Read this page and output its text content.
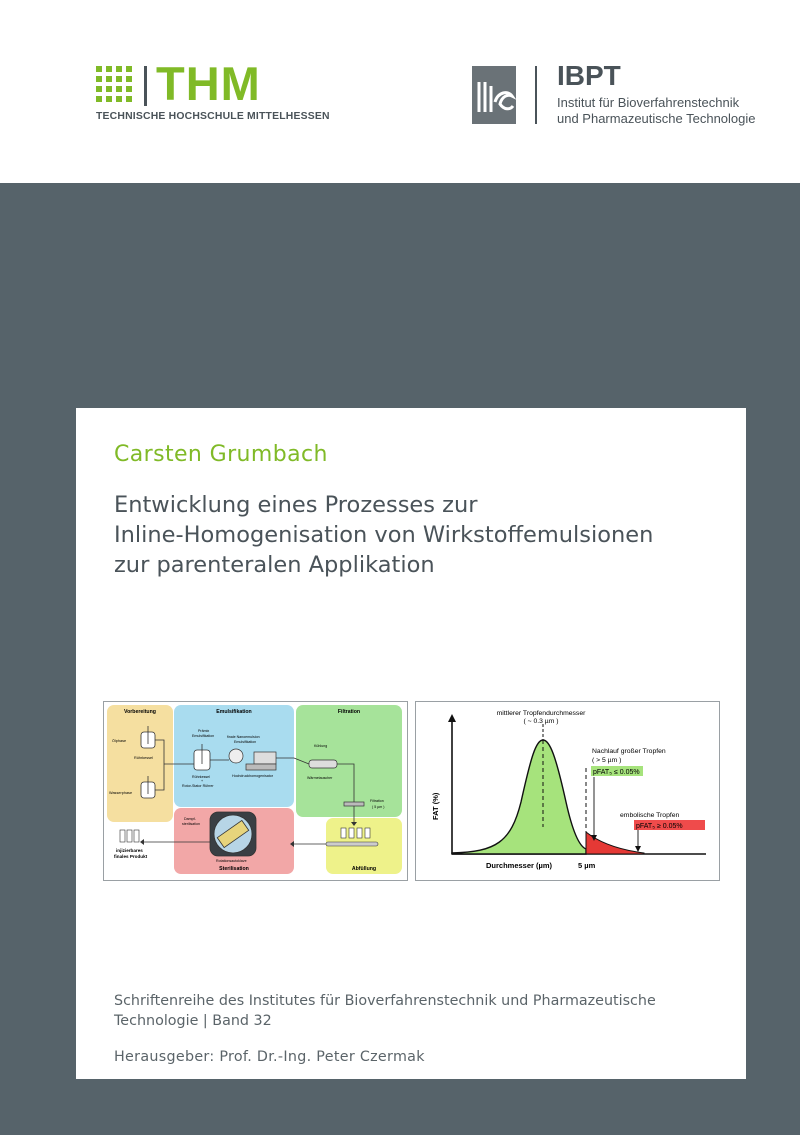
THM
TECHNISCHE HOCHSCHULE MITTELHESSEN
IBPT
Institut für Bioverfahrenstechnik
und Pharmazeutische Technologie
Carsten Grumbach
Entwicklung eines Prozesses zur
Inline-Homogenisation von Wirkstoffemulsionen
zur parenteralen Applikation
Vorbereitung	Emulsifikation	Filtration
Sterilisation	Abfüllung
Ölphase
Rührkessel
Wasserphase
Prämix
Emulsifikation
Rührkessel
+
Rotor-Stator Rührer
finale Nanoemulsion
Emulsifikation
Hochdruckhomogenisator
Kühlung
Wärmetauscher
Filtration
( 5 µm )
Dampf-
sterilisation
Rotationsautoklave
injizierbares
finales Produkt
mittlerer Tropfendurchmesser
( ~ 0.3 µm )
FAT (%)
Durchmesser (µm)	5 µm
Nachlauf großer Tropfen
( > 5 µm )
pFAT₅ ≤ 0.05%
embolische Tropfen
pFAT₅ ≥ 0.05%
Schriftenreihe des Institutes für Bioverfahrenstechnik und Pharmazeutische
Technologie | Band 32
Herausgeber: Prof. Dr.-Ing. Peter Czermak
